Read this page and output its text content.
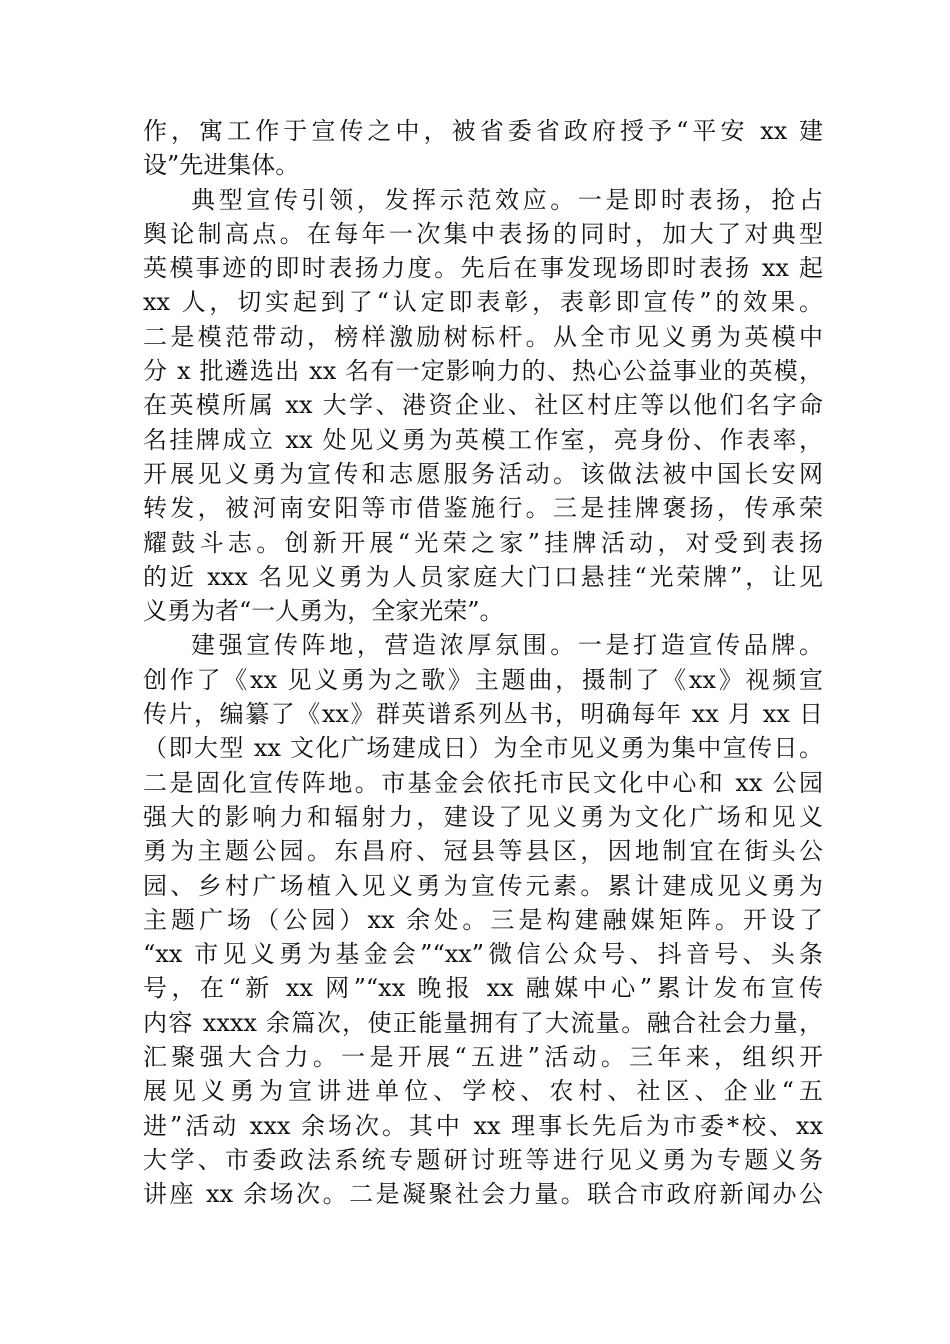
作，寓工作于宣传之中，被省委省政府授予“平安 xx 建
设”先进集体。
典型宣传引领，发挥示范效应。一是即时表扬，抢占
舆论制高点。在每年一次集中表扬的同时，加大了对典型
英模事迹的即时表扬力度。先后在事发现场即时表扬 xx 起
xx 人，切实起到了“认定即表彰，表彰即宣传”的效果。
二是模范带动，榜样激励树标杆。从全市见义勇为英模中
分 x 批遴选出 xx 名有一定影响力的、热心公益事业的英模，
在英模所属 xx 大学、港资企业、社区村庄等以他们名字命
名挂牌成立 xx 处见义勇为英模工作室，亮身份、作表率，
开展见义勇为宣传和志愿服务活动。该做法被中国长安网
转发，被河南安阳等市借鉴施行。三是挂牌褒扬，传承荣
耀鼓斗志。创新开展“光荣之家”挂牌活动，对受到表扬
的近 xxx 名见义勇为人员家庭大门口悬挂“光荣牌”，让见
义勇为者“一人勇为，全家光荣”。
建强宣传阵地，营造浓厚氛围。一是打造宣传品牌。
创作了《xx 见义勇为之歌》主题曲，摄制了《xx》视频宣
传片，编纂了《xx》群英谱系列丛书，明确每年 xx 月 xx 日
（即大型 xx 文化广场建成日）为全市见义勇为集中宣传日。
二是固化宣传阵地。市基金会依托市民文化中心和 xx 公园
强大的影响力和辐射力，建设了见义勇为文化广场和见义
勇为主题公园。东昌府、冠县等县区，因地制宜在街头公
园、乡村广场植入见义勇为宣传元素。累计建成见义勇为
主题广场（公园）xx 余处。三是构建融媒矩阵。开设了
“xx 市见义勇为基金会”“xx”微信公众号、抖音号、头条
号，在“新 xx 网”“xx 晚报 xx 融媒中心”累计发布宣传
内容 xxxx 余篇次，使正能量拥有了大流量。融合社会力量，
汇聚强大合力。一是开展“五进”活动。三年来，组织开
展见义勇为宣讲进单位、学校、农村、社区、企业“五
进”活动 xxx 余场次。其中 xx 理事长先后为市委*校、xx
大学、市委政法系统专题研讨班等进行见义勇为专题义务
讲座 xx 余场次。二是凝聚社会力量。联合市政府新闻办公
